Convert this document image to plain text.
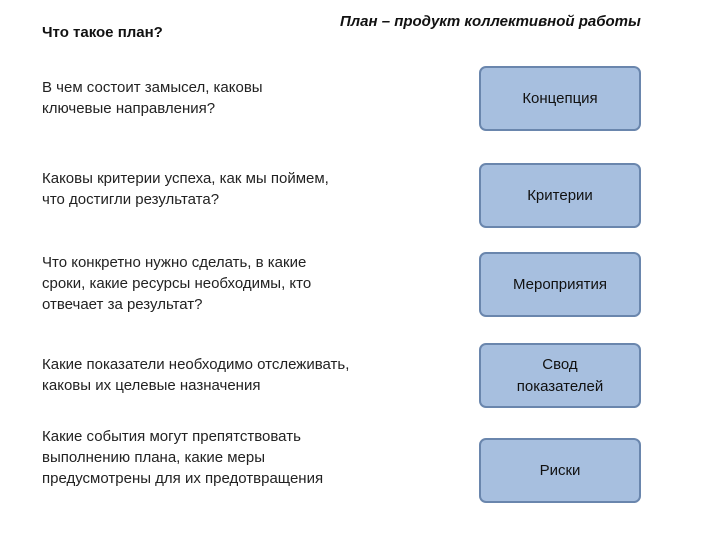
Что такое план?
План – продукт коллективной работы
В чем состоит замысел, каковы
ключевые направления?
Концепция
Каковы критерии успеха, как мы поймем,
что достигли результата?	Критерии
Что конкретно нужно сделать, в какие
сроки, какие ресурсы необходимы, кто
отвечает за результат?
Мероприятия
Какие показатели необходимо отслеживать,
каковы их целевые назначения
Свод
показателей
Какие события могут препятствовать
выполнению плана, какие меры
предусмотрены для их предотвращения	Риски
